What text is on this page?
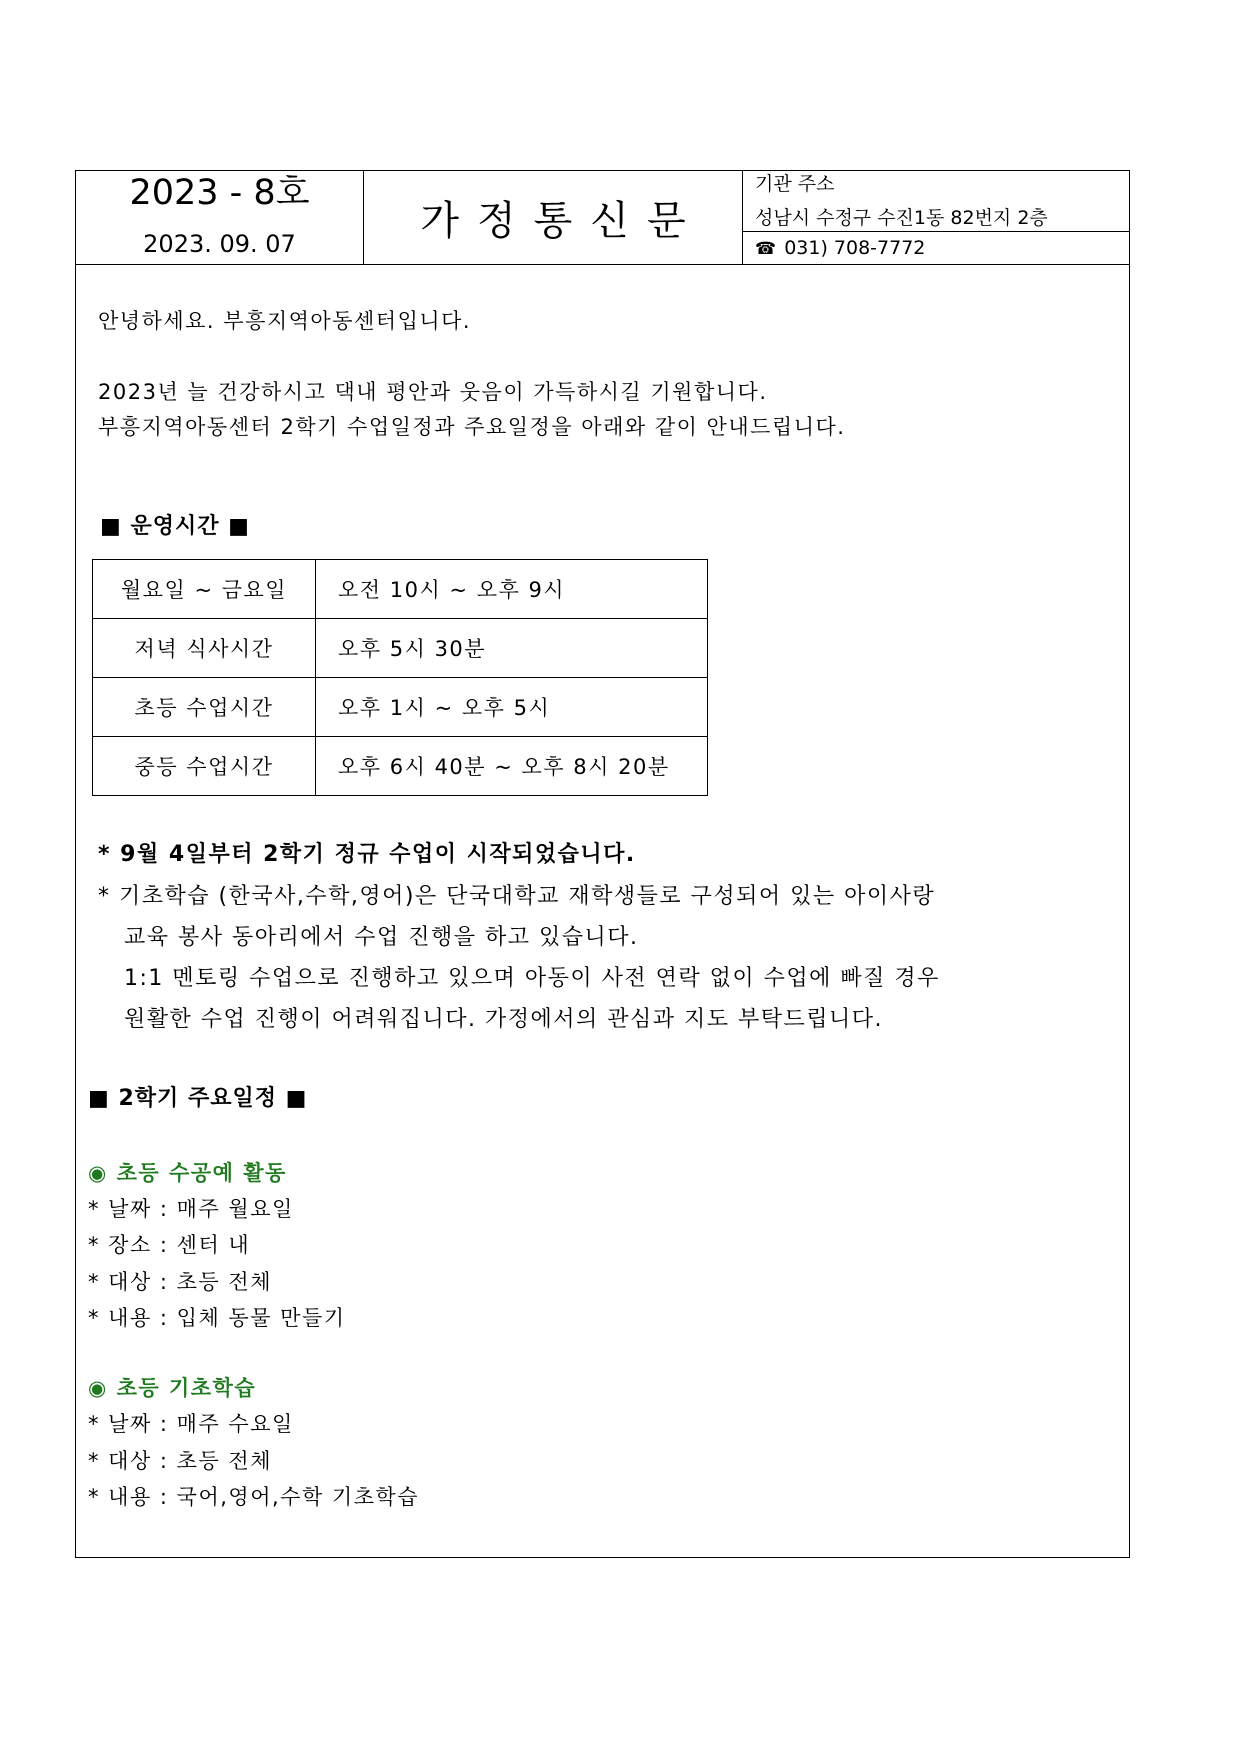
2023 - 8호
2023. 09. 07	가정통신문
기관 주소
성남시 수정구 수진1동 82번지 2층
☎ 031) 708-7772
안녕하세요. 부흥지역아동센터입니다.
2023년 늘 건강하시고 댁내 평안과 웃음이 가득하시길 기원합니다.
부흥지역아동센터 2학기 수업일정과 주요일정을 아래와 같이 안내드립니다.
■ 운영시간 ■
월요일 ~ 금요일	오전 10시 ~ 오후 9시
저녁 식사시간	오후 5시 30분
초등 수업시간	오후 1시 ~ 오후 5시
중등 수업시간	오후 6시 40분 ~ 오후 8시 20분
* 9월 4일부터 2학기 정규 수업이 시작되었습니다.
* 기초학습 (한국사,수학,영어)은 단국대학교 재학생들로 구성되어 있는 아이사랑
교육 봉사 동아리에서 수업 진행을 하고 있습니다.
1:1 멘토링 수업으로 진행하고 있으며 아동이 사전 연락 없이 수업에 빠질 경우
원활한 수업 진행이 어려워집니다. 가정에서의 관심과 지도 부탁드립니다.
■ 2학기 주요일정 ■
◉ 초등 수공예 활동
* 날짜 : 매주 월요일
* 장소 : 센터 내
* 대상 : 초등 전체
* 내용 : 입체 동물 만들기
◉ 초등 기초학습
* 날짜 : 매주 수요일
* 대상 : 초등 전체
* 내용 : 국어,영어,수학 기초학습
